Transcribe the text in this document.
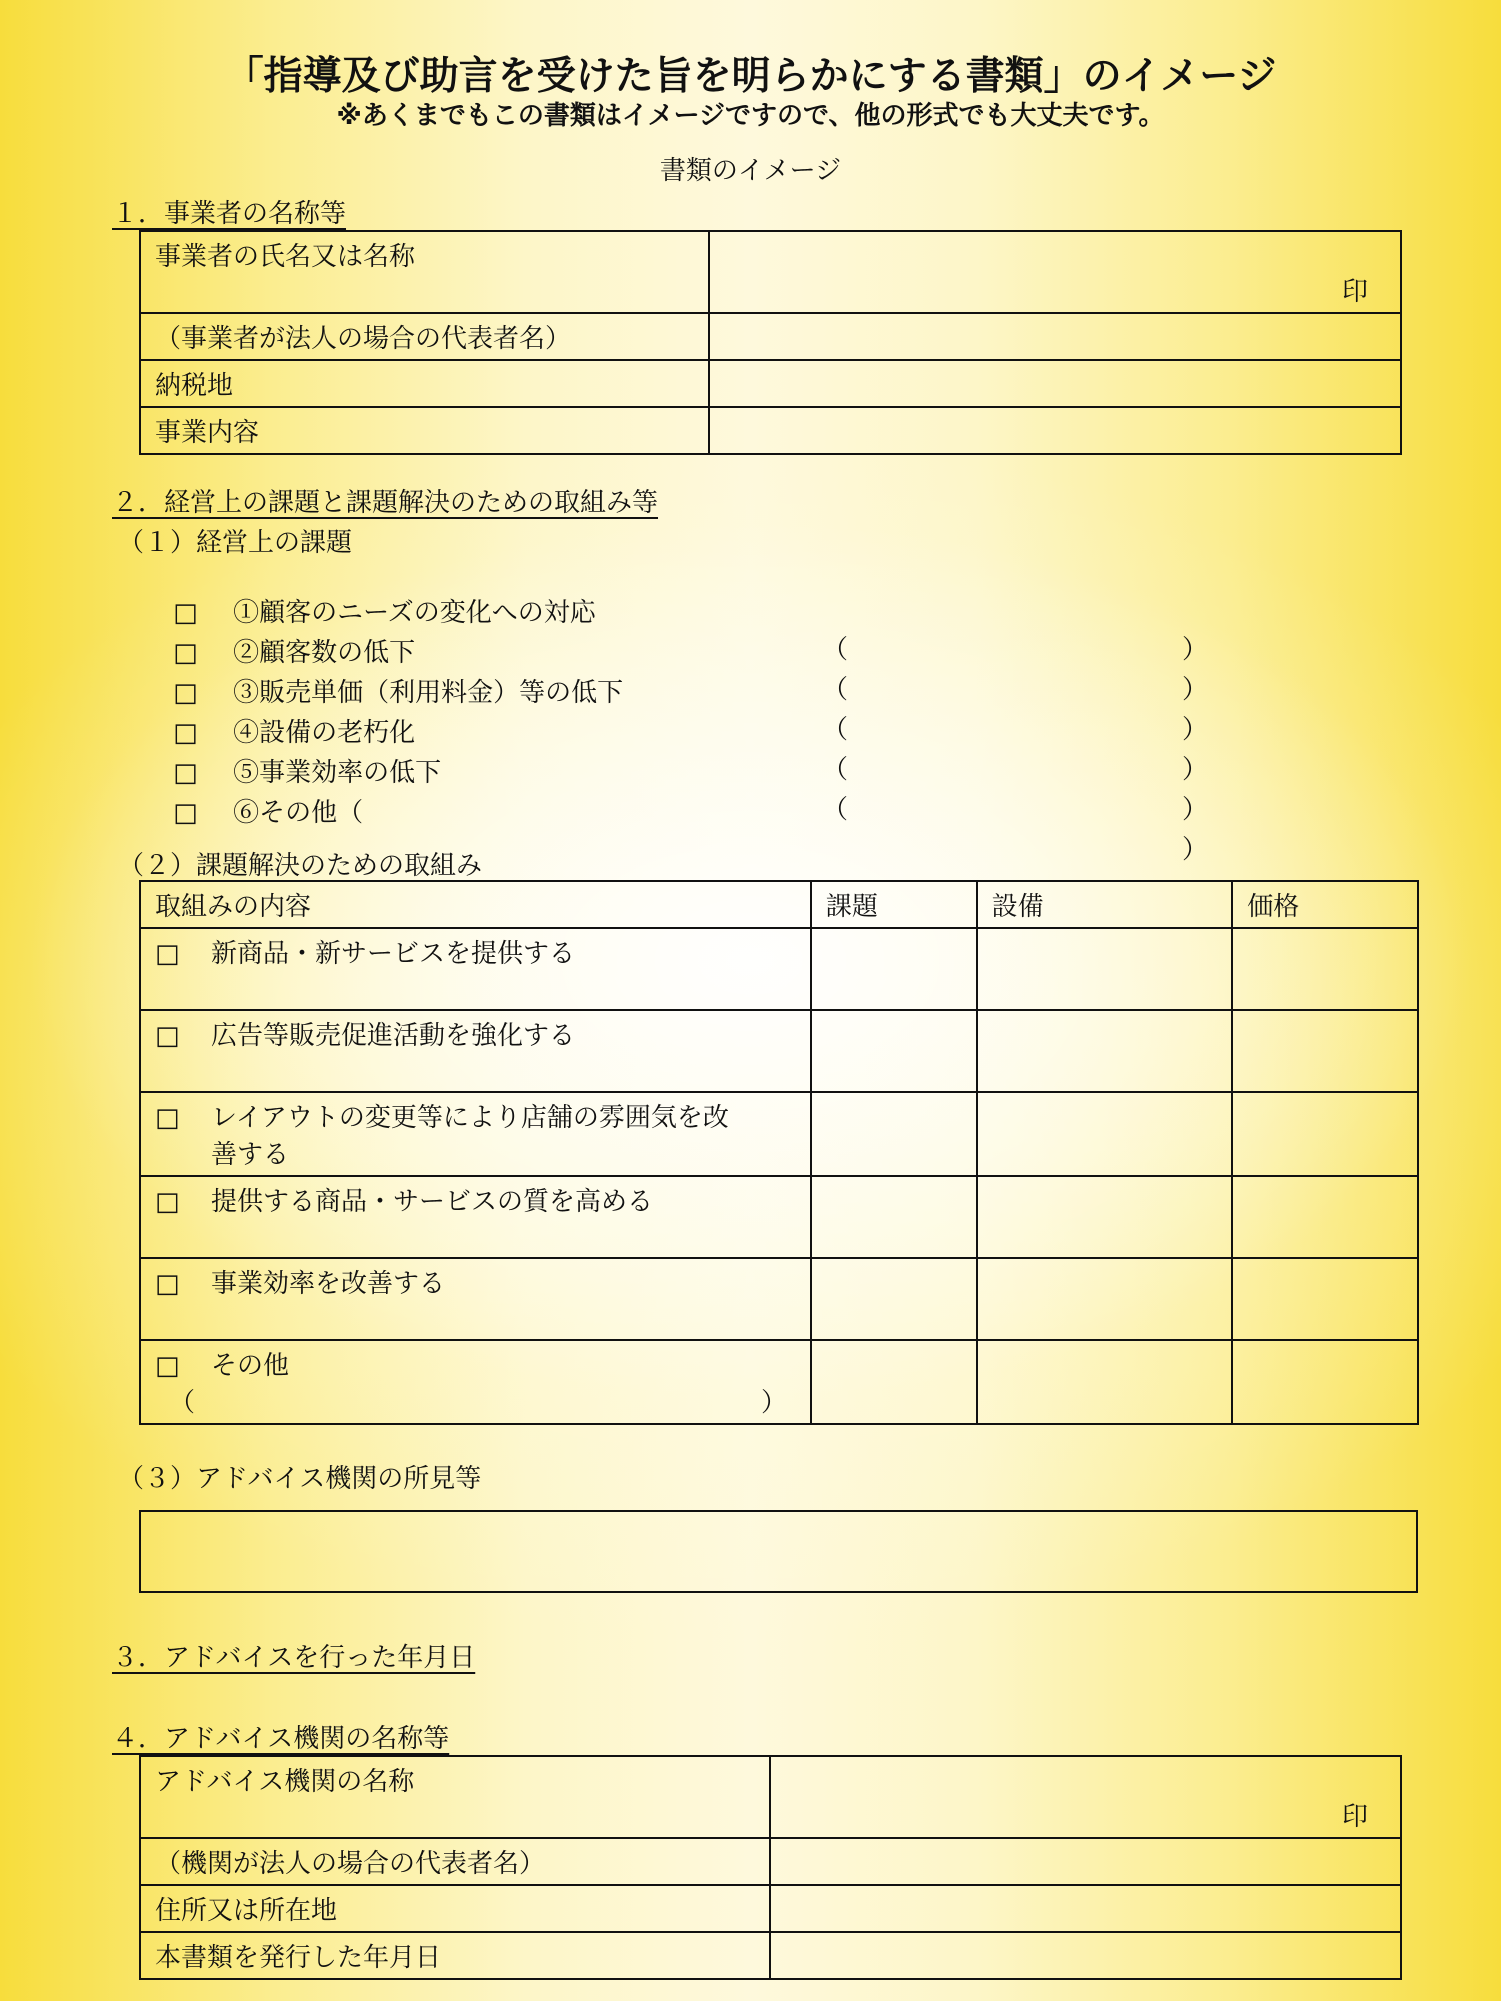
「指導及び助言を受けた旨を明らかにする書類」のイメージ
※あくまでもこの書類はイメージですので、他の形式でも大丈夫です。
書類のイメージ
１．事業者の名称等
事業者の氏名又は名称	印
（事業者が法人の場合の代表者名）	
納税地	
事業内容	
２．経営上の課題と課題解決のための取組み等
（１）経営上の課題

□ ①顧客のニーズの変化への対応

（	）

□ ②顧客数の低下

（	）

□ ③販売単価（利用料金）等の低下

（	）

□ ④設備の老朽化

（	）

□ ⑤事業効率の低下

（	）

□ ⑥その他（

）

（２）課題解決のための取組み
取組みの内容	課題	設備	価格
□ 新商品・新サービスを提供する			
□ 広告等販売促進活動を強化する			
□ レイアウトの変更等により店舗の雰囲気を改
善する			
□ 提供する商品・サービスの質を高める			
□ 事業効率を改善する			
□ その他
（ ）			

（３）アドバイス機関の所見等
３．アドバイスを行った年月日
４．アドバイス機関の名称等
アドバイス機関の名称	印
（機関が法人の場合の代表者名）	
住所又は所在地	
本書類を発行した年月日	
